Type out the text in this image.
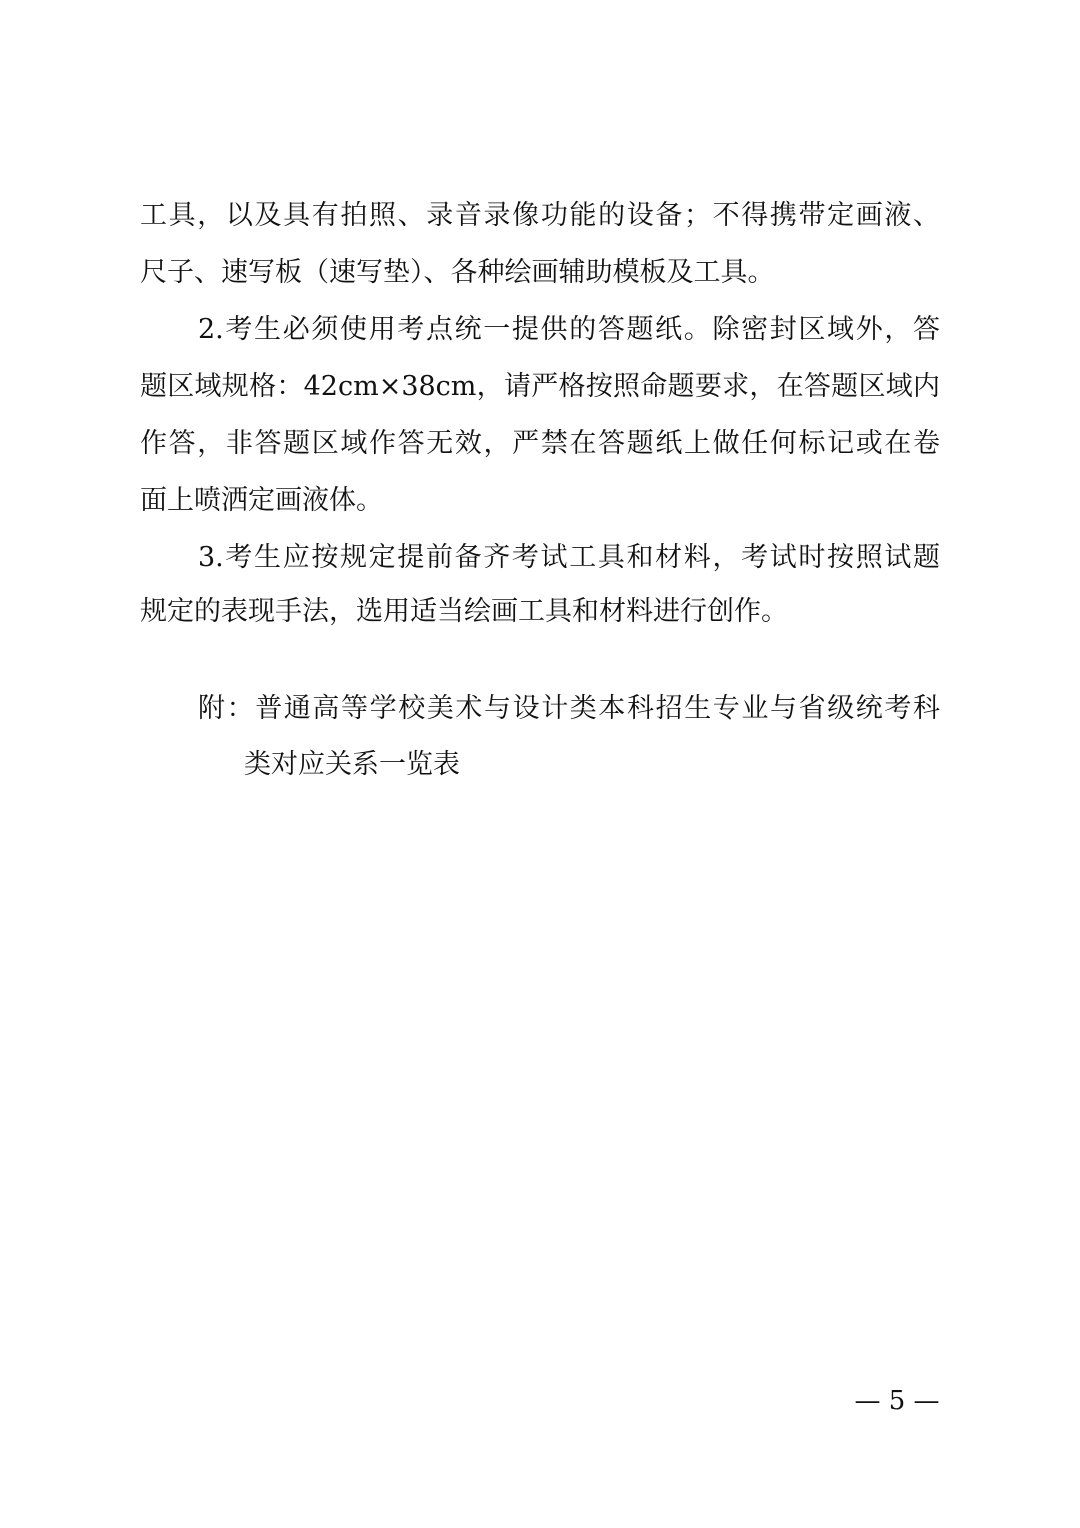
工具，以及具有拍照、录音录像功能的设备；不得携带定画液、
尺子、速写板（速写垫）、各种绘画辅助模板及工具。
2.考生必须使用考点统一提供的答题纸。除密封区域外，答
题区域规格：42cm×38cm，请严格按照命题要求，在答题区域内
作答，非答题区域作答无效，严禁在答题纸上做任何标记或在卷
面上喷洒定画液体。
3.考生应按规定提前备齐考试工具和材料，考试时按照试题
规定的表现手法，选用适当绘画工具和材料进行创作。
附：普通高等学校美术与设计类本科招生专业与省级统考科
类对应关系一览表
— 5 —
